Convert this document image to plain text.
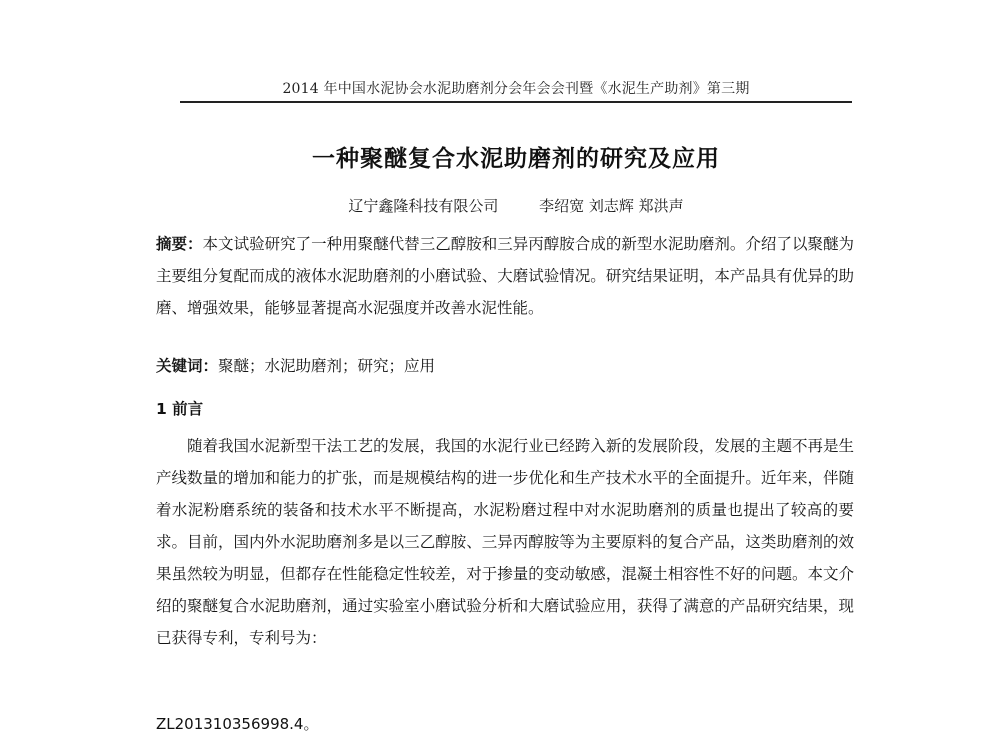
2014 年中国水泥协会水泥助磨剂分会年会会刊暨《水泥生产助剂》第三期
一种聚醚复合水泥助磨剂的研究及应用
辽宁鑫隆科技有限公司	李绍宽 刘志辉 郑洪声
摘要：本文试验研究了一种用聚醚代替三乙醇胺和三异丙醇胺合成的新型水泥助磨剂。介绍了以聚醚为主要组分复配而成的液体水泥助磨剂的小磨试验、大磨试验情况。研究结果证明，本产品具有优异的助磨、增强效果，能够显著提高水泥强度并改善水泥性能。
关键词：聚醚；水泥助磨剂；研究；应用
1 前言
随着我国水泥新型干法工艺的发展，我国的水泥行业已经跨入新的发展阶段，发展的主题不再是生产线数量的增加和能力的扩张，而是规模结构的进一步优化和生产技术水平的全面提升。近年来，伴随着水泥粉磨系统的装备和技术水平不断提高，水泥粉磨过程中对水泥助磨剂的质量也提出了较高的要求。目前，国内外水泥助磨剂多是以三乙醇胺、三异丙醇胺等为主要原料的复合产品，这类助磨剂的效果虽然较为明显，但都存在性能稳定性较差，对于掺量的变动敏感，混凝土相容性不好的问题。本文介绍的聚醚复合水泥助磨剂，通过实验室小磨试验分析和大磨试验应用，获得了满意的产品研究结果，现已获得专利，专利号为：
ZL201310356998.4。
